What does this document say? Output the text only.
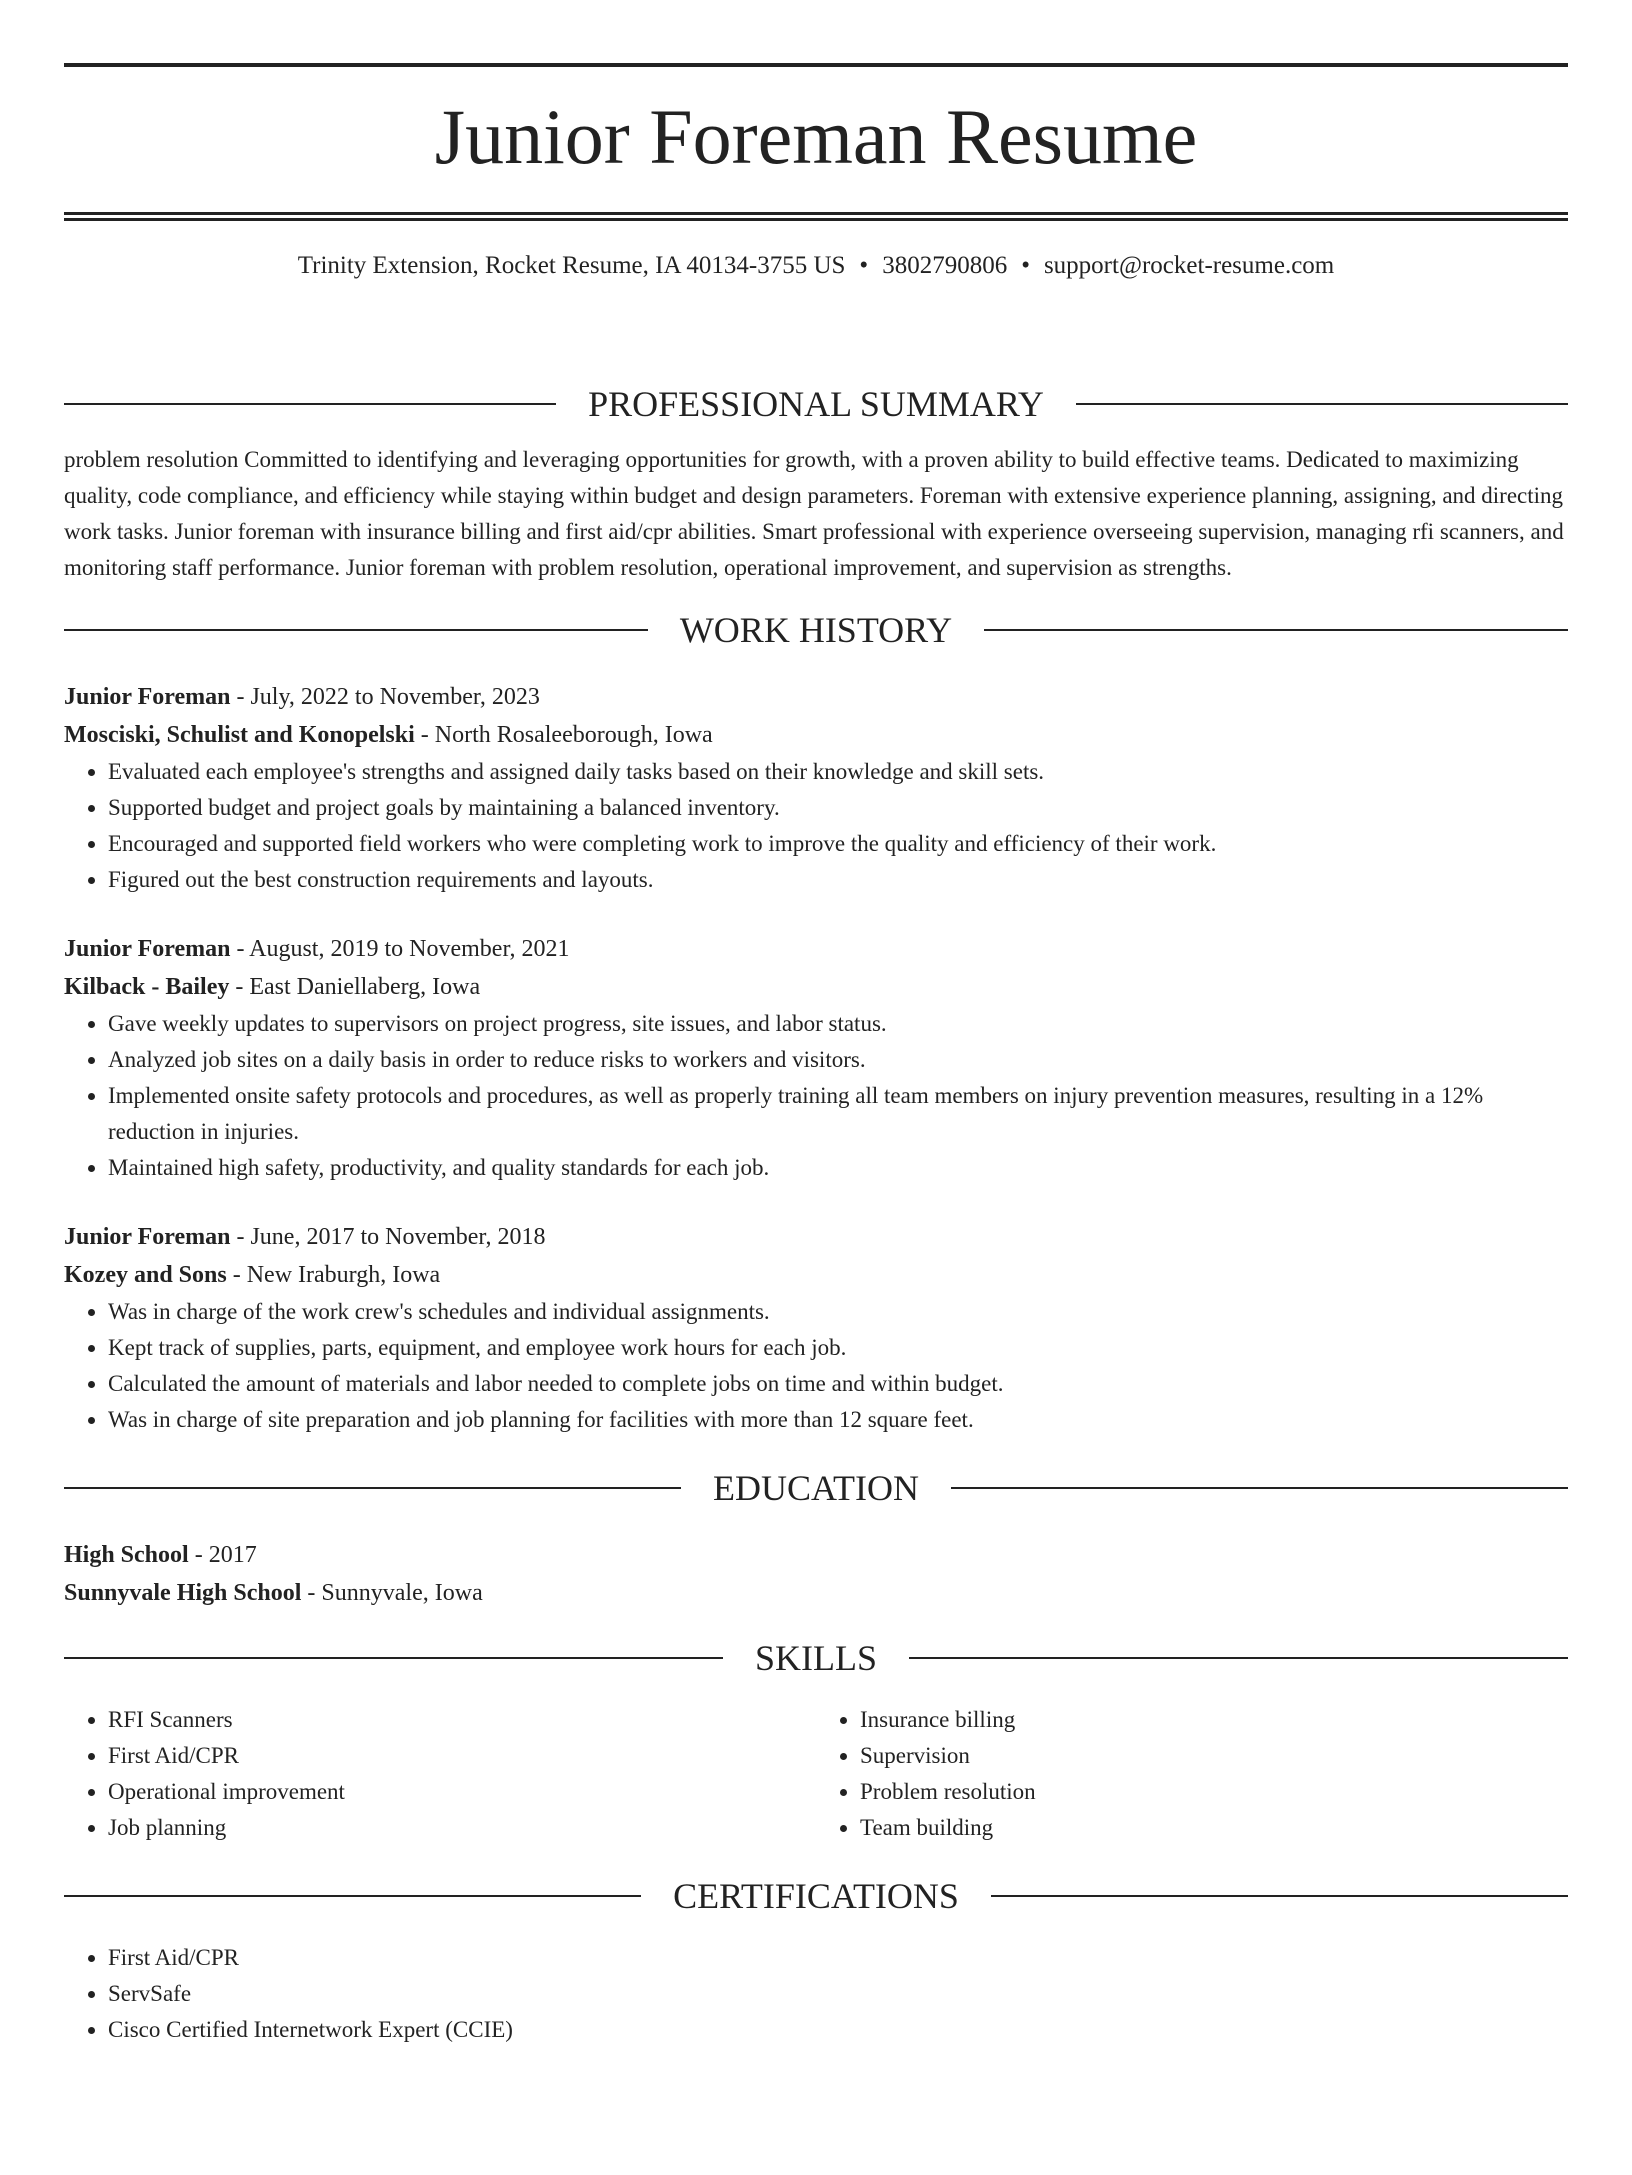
Junior Foreman Resume
Trinity Extension, Rocket Resume, IA 40134-3755 US • 3802790806 • support@rocket-resume.com
PROFESSIONAL SUMMARY

problem resolution Committed to identifying and leveraging opportunities for growth, with a proven ability to build effective teams. Dedicated to maximizing quality, code compliance, and efficiency while staying within budget and design parameters. Foreman with extensive experience planning, assigning, and directing work tasks. Junior foreman with insurance billing and first aid/cpr abilities. Smart professional with experience overseeing supervision, managing rfi scanners, and monitoring staff performance. Junior foreman with problem resolution, operational improvement, and supervision as strengths.

WORK HISTORY
Junior Foreman - July, 2022 to November, 2023
Mosciski, Schulist and Konopelski - North Rosaleeborough, Iowa
• Evaluated each employee's strengths and assigned daily tasks based on their knowledge and skill sets.
• Supported budget and project goals by maintaining a balanced inventory.
• Encouraged and supported field workers who were completing work to improve the quality and efficiency of their work.
• Figured out the best construction requirements and layouts.
Junior Foreman - August, 2019 to November, 2021
Kilback - Bailey - East Daniellaberg, Iowa
• Gave weekly updates to supervisors on project progress, site issues, and labor status.
• Analyzed job sites on a daily basis in order to reduce risks to workers and visitors.
• Implemented onsite safety protocols and procedures, as well as properly training all team members on injury prevention measures, resulting in a 12% reduction in injuries.
• Maintained high safety, productivity, and quality standards for each job.
Junior Foreman - June, 2017 to November, 2018
Kozey and Sons - New Iraburgh, Iowa
• Was in charge of the work crew's schedules and individual assignments.
• Kept track of supplies, parts, equipment, and employee work hours for each job.
• Calculated the amount of materials and labor needed to complete jobs on time and within budget.
• Was in charge of site preparation and job planning for facilities with more than 12 square feet.
EDUCATION
High School - 2017
Sunnyvale High School - Sunnyvale, Iowa
SKILLS
• RFI Scanners
• First Aid/CPR
• Operational improvement
• Job planning
• Insurance billing
• Supervision
• Problem resolution
• Team building
CERTIFICATIONS
• First Aid/CPR
• ServSafe
• Cisco Certified Internetwork Expert (CCIE)
